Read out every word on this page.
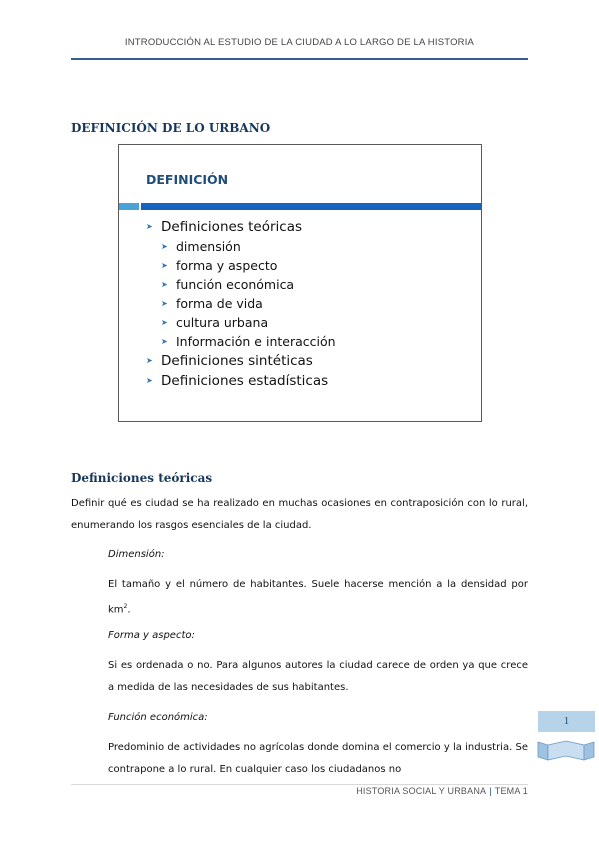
INTRODUCCIÓN AL ESTUDIO DE LA CIUDAD A LO LARGO DE LA HISTORIA
DEFINICIÓN DE LO URBANO
DEFINICIÓN
➤ Definiciones teóricas
➤ dimensión
➤ forma y aspecto
➤ función económica
➤ forma de vida
➤ cultura urbana
➤ Información e interacción
➤ Definiciones sintéticas
➤ Definiciones estadísticas
Definiciones teóricas
Definir qué es ciudad se ha realizado en muchas ocasiones en contraposición con lo rural, enumerando los rasgos esenciales de la ciudad.
Dimensión:
El tamaño y el número de habitantes. Suele hacerse mención a la densidad por $km^2$.
Forma y aspecto:
Si es ordenada o no. Para algunos autores la ciudad carece de orden ya que crece a medida de las necesidades de sus habitantes.
Función económica:
Predominio de actividades no agrícolas donde domina el comercio y la industria. Se contrapone a lo rural. En cualquier caso los ciudadanos no
1
HISTORIA SOCIAL Y URBANA | TEMA 1
